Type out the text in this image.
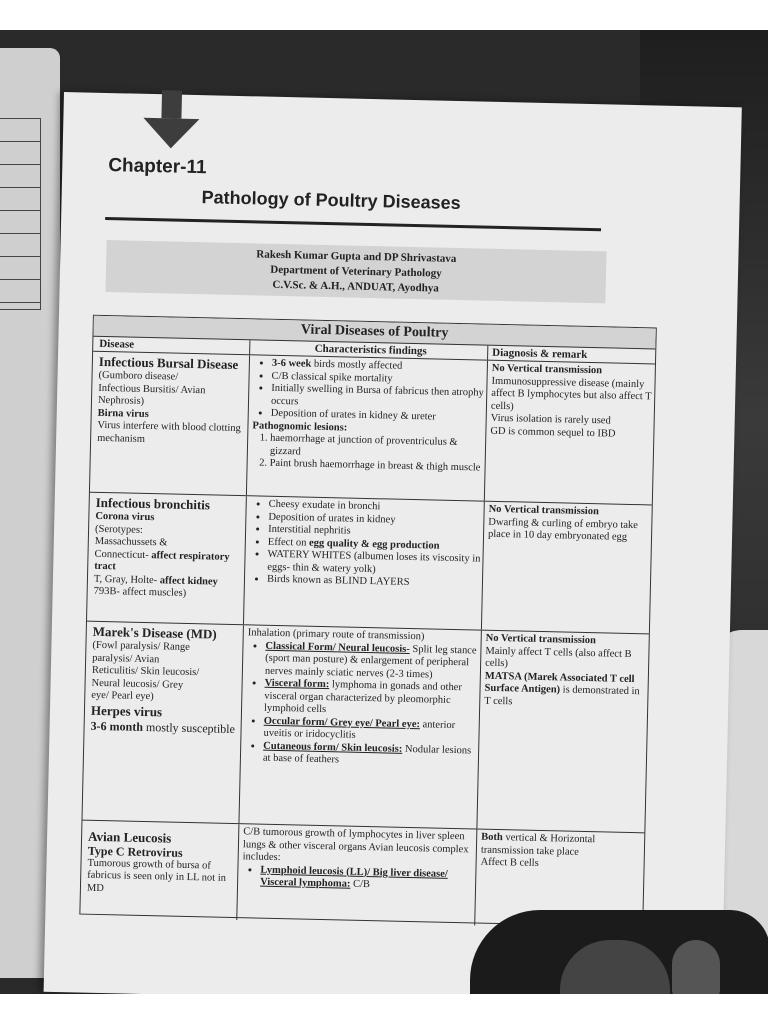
Chapter-11
Pathology of Poultry Diseases
Rakesh Kumar Gupta and DP Shrivastava
Department of Veterinary Pathology
C.V.Sc. & A.H., ANDUAT, Ayodhya
Viral Diseases of Poultry
Disease	Characteristics findings	Diagnosis & remark
Infectious Bursal Disease
(Gumboro disease/
Infectious Bursitis/ Avian
Nephrosis)
Birna virus
Virus interfere with blood clotting mechanism
• 3-6 week birds mostly affected
• C/B classical spike mortality
• Initially swelling in Bursa of fabricus then atrophy occurs
• Deposition of urates in kidney & ureter
Pathognomic lesions:
1. haemorrhage at junction of proventriculus & gizzard
2. Paint brush haemorrhage in breast & thigh muscle
No Vertical transmission
Immunosuppressive disease (mainly affect B lymphocytes but also affect T cells)
Virus isolation is rarely used
GD is common sequel to IBD
Infectious bronchitis
Corona virus
(Serotypes:
Massachussets &
Connecticut- affect respiratory tract
T, Gray, Holte- affect kidney
793B- affect muscles)
• Cheesy exudate in bronchi
• Deposition of urates in kidney
• Interstitial nephritis
• Effect on egg quality & egg production
• WATERY WHITES (albumen loses its viscosity in eggs- thin & watery yolk)
• Birds known as BLIND LAYERS
No Vertical transmission
Dwarfing & curling of embryo take place in 10 day embryonated egg
Marek's Disease (MD)
(Fowl paralysis/ Range
paralysis/ Avian
Reticulitis/ Skin leucosis/
Neural leucosis/ Grey
eye/ Pearl eye)
Herpes virus
3-6 month mostly susceptible
Inhalation (primary route of transmission)
• Classical Form/ Neural leucosis- Split leg stance (sport man posture) & enlargement of peripheral nerves mainly sciatic nerves (2-3 times)
• Visceral form: lymphoma in gonads and other visceral organ characterized by pleomorphic lymphoid cells
• Occular form/ Grey eye/ Pearl eye: anterior uveitis or iridocyclitis
• Cutaneous form/ Skin leucosis: Nodular lesions at base of feathers
No Vertical transmission
Mainly affect T cells (also affect B cells)
MATSA (Marek Associated T cell Surface Antigen) is demonstrated in T cells
Avian Leucosis
Type C Retrovirus
Tumorous growth of bursa of fabricus is seen only in LL not in MD
C/B tumorous growth of lymphocytes in liver spleen lungs & other visceral organs Avian leucosis complex includes:
• Lymphoid leucosis (LL)/ Big liver disease/ Visceral lymphoma: C/B
Both vertical & Horizontal transmission take place
Affect B cells
